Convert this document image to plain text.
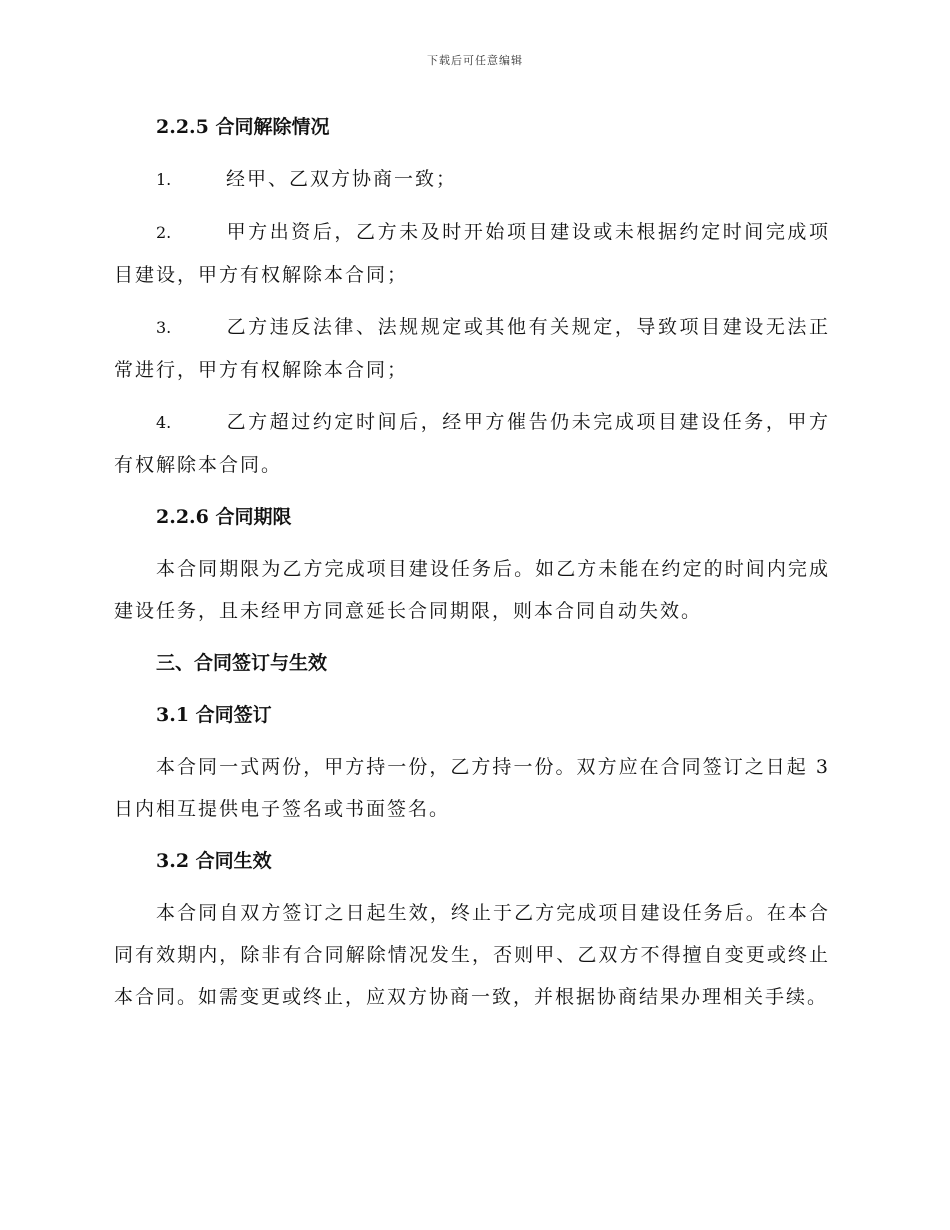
下载后可任意编辑
2.2.5 合同解除情况
1.	经甲、乙双方协商一致；
2.	甲方出资后，乙方未及时开始项目建设或未根据约定时间完成项目建设，甲方有权解除本合同；
3.	乙方违反法律、法规规定或其他有关规定，导致项目建设无法正常进行，甲方有权解除本合同；
4.	乙方超过约定时间后，经甲方催告仍未完成项目建设任务，甲方有权解除本合同。
2.2.6 合同期限
本合同期限为乙方完成项目建设任务后。如乙方未能在约定的时间内完成建设任务，且未经甲方同意延长合同期限，则本合同自动失效。
三、合同签订与生效
3.1 合同签订
本合同一式两份，甲方持一份，乙方持一份。双方应在合同签订之日起 3 日内相互提供电子签名或书面签名。
3.2 合同生效
本合同自双方签订之日起生效，终止于乙方完成项目建设任务后。在本合同有效期内，除非有合同解除情况发生，否则甲、乙双方不得擅自变更或终止本合同。如需变更或终止，应双方协商一致，并根据协商结果办理相关手续。
